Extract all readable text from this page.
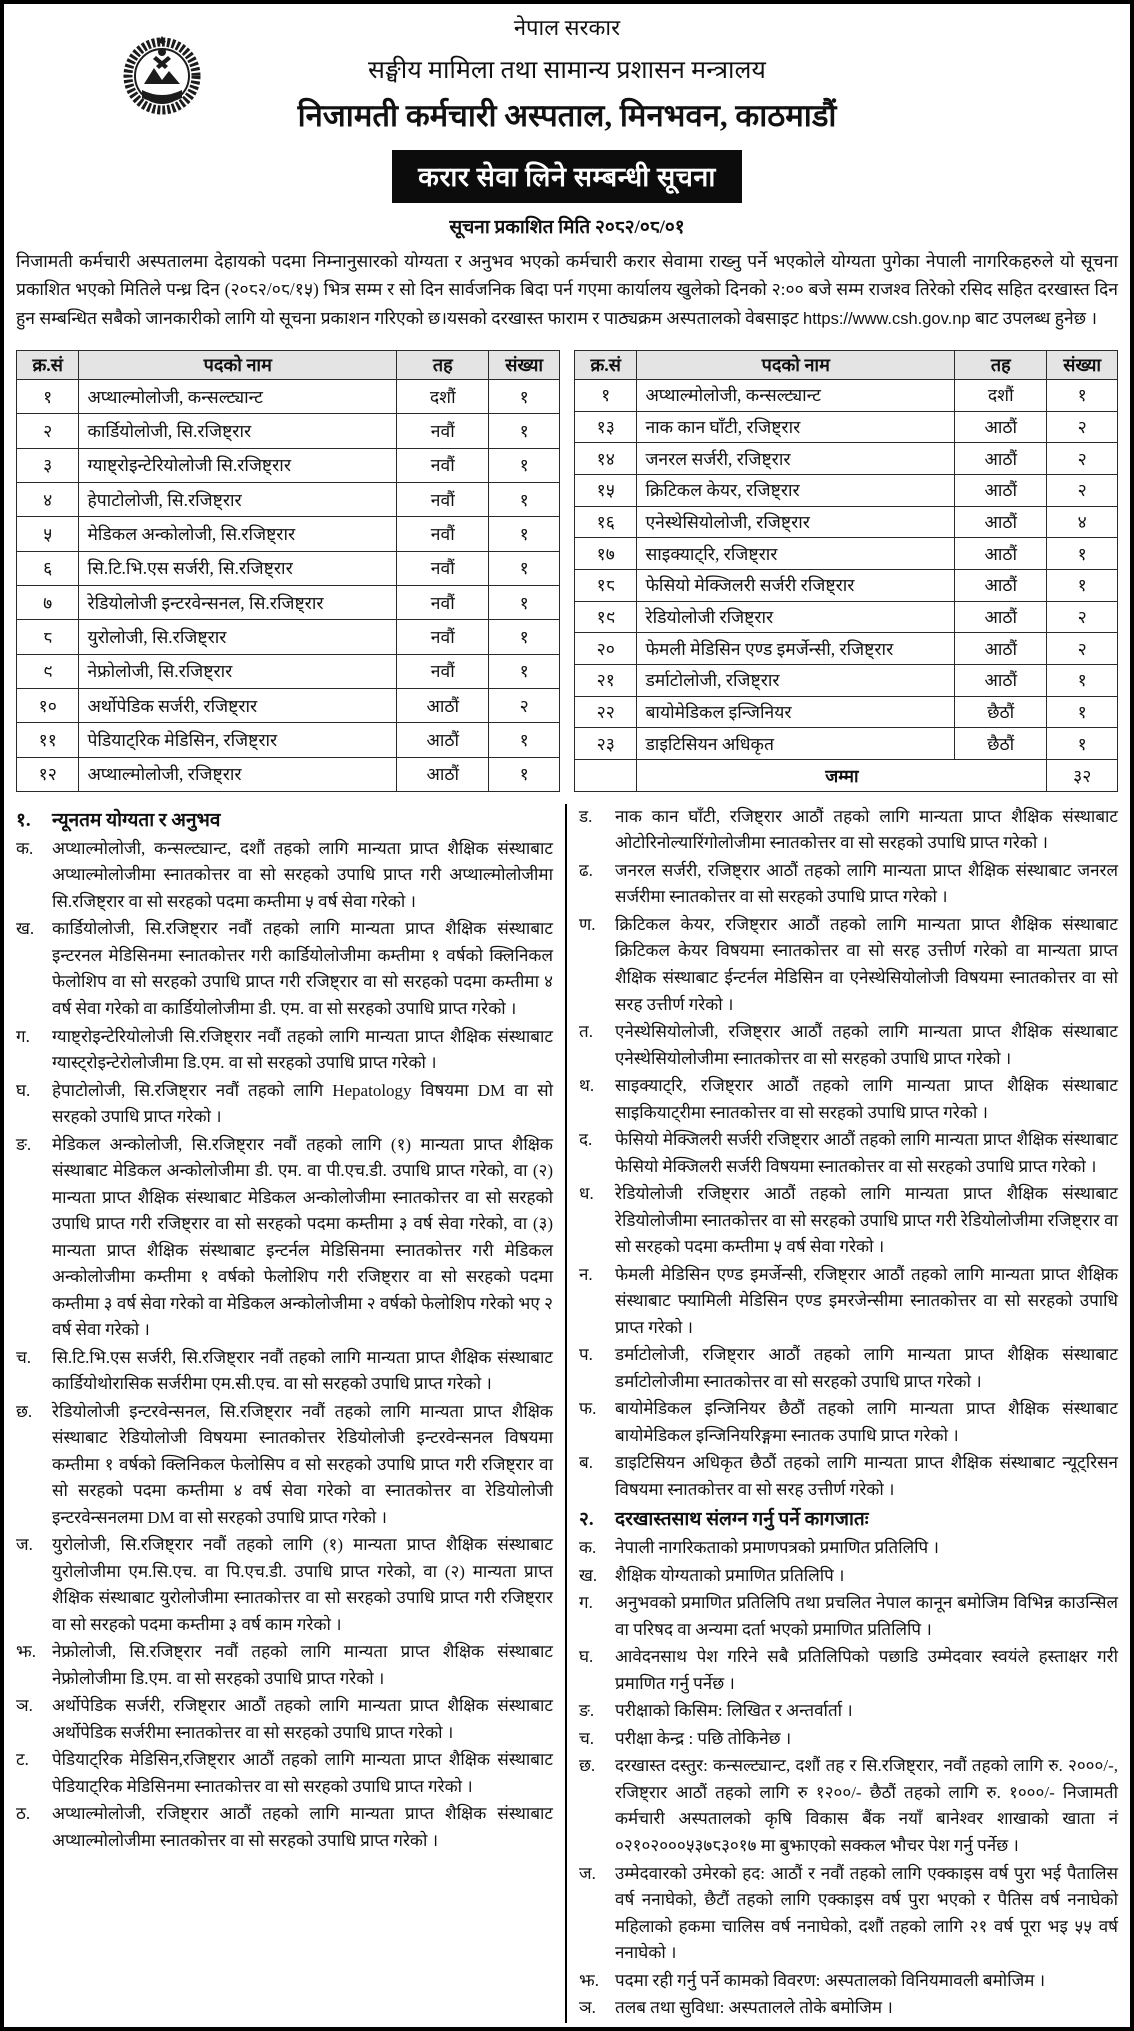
नेपाल सरकार
सङ्घीय मामिला तथा सामान्य प्रशासन मन्त्रालय
निजामती कर्मचारी अस्पताल, मिनभवन, काठमाडौं
करार सेवा लिने सम्बन्धी सूचना
सूचना प्रकाशित मिति २०८२/०८/०१

निजामती कर्मचारी अस्पतालमा देहायको पदमा निम्नानुसारको योग्यता र अनुभव भएको कर्मचारी करार सेवामा राख्नु पर्ने भएकोले योग्यता पुगेका नेपाली नागरिकहरुले यो सूचना प्रकाशित भएको मितिले पन्ध्र दिन (२०८२/०८/१५) भित्र सम्म र सो दिन सार्वजनिक बिदा पर्न गएमा कार्यालय खुलेको दिनको २:०० बजे सम्म राजश्व तिरेको रसिद सहित दरखास्त दिन हुन सम्बन्धित सबैको जानकारीको लागि यो सूचना प्रकाशन गरिएको छ।यसको दरखास्त फाराम र पाठ्यक्रम अस्पतालको वेबसाइट https://www.csh.gov.np बाट उपलब्ध हुनेछ ।

क्र.सं	पदको नाम	तह	संख्या
१	अप्थाल्मोलोजी, कन्सल्ट्यान्ट	दशौं	१
२	कार्डियोलोजी, सि.रजिष्ट्रार	नवौं	१
३	ग्याष्ट्रोइन्टेरियोलोजी सि.रजिष्ट्रार	नवौं	१
४	हेपाटोलोजी, सि.रजिष्ट्रार	नवौं	१
५	मेडिकल अन्कोलोजी, सि.रजिष्ट्रार	नवौं	१
६	सि.टि.भि.एस सर्जरी, सि.रजिष्ट्रार	नवौं	१
७	रेडियोलोजी इन्टरवेन्सनल, सि.रजिष्ट्रार	नवौं	१
८	युरोलोजी, सि.रजिष्ट्रार	नवौं	१
९	नेफ्रोलोजी, सि.रजिष्ट्रार	नवौं	१
१०	अर्थोपेडिक सर्जरी, रजिष्ट्रार	आठौं	२
११	पेडियाट्रिक मेडिसिन, रजिष्ट्रार	आठौं	१
१२	अप्थाल्मोलोजी, रजिष्ट्रार	आठौं	१
क्र.सं	पदको नाम	तह	संख्या
१	अप्थाल्मोलोजी, कन्सल्ट्यान्ट	दशौं	१
१३	नाक कान घाँटी, रजिष्ट्रार	आठौं	२
१४	जनरल सर्जरी, रजिष्ट्रार	आठौं	२
१५	क्रिटिकल केयर, रजिष्ट्रार	आठौं	२
१६	एनेस्थेसियोलोजी, रजिष्ट्रार	आठौं	४
१७	साइक्याट्रि, रजिष्ट्रार	आठौं	१
१८	फेसियो मेक्जिलरी सर्जरी रजिष्ट्रार	आठौं	१
१९	रेडियोलोजी रजिष्ट्रार	आठौं	२
२०	फेमली मेडिसिन एण्ड इमर्जेन्सी, रजिष्ट्रार	आठौं	२
२१	डर्माटोलोजी, रजिष्ट्रार	आठौं	१
२२	बायोमेडिकल इन्जिनियर	छैठौं	१
२३	डाइटिसियन अधिकृत	छैठौं	१
	जम्मा		३२
१.	न्यूनतम योग्यता र अनुभव
क.	अप्थाल्मोलोजी, कन्सल्ट्यान्ट, दशौं तहको लागि मान्यता प्राप्त शैक्षिक संस्थाबाट अप्थाल्मोलोजीमा स्नातकोत्तर वा सो सरहको उपाधि प्राप्त गरी अप्थाल्मोलोजीमा सि.रजिष्ट्रार वा सो सरहको पदमा कम्तीमा ५ वर्ष सेवा गरेको ।
ख.	कार्डियोलोजी, सि.रजिष्ट्रार नवौं तहको लागि मान्यता प्राप्त शैक्षिक संस्थाबाट इन्टरनल मेडिसिनमा स्नातकोत्तर गरी कार्डियोलोजीमा कम्तीमा १ वर्षको क्लिनिकल फेलोशिप वा सो सरहको उपाधि प्राप्त गरी रजिष्ट्रार वा सो सरहको पदमा कम्तीमा ४ वर्ष सेवा गरेको वा कार्डियोलोजीमा डी. एम. वा सो सरहको उपाधि प्राप्त गरेको ।
ग.	ग्याष्ट्रोइन्टेरियोलोजी सि.रजिष्ट्रार नवौं तहको लागि मान्यता प्राप्त शैक्षिक संस्थाबाट ग्यास्ट्रोइन्टेरोलोजीमा डि.एम. वा सो सरहको उपाधि प्राप्त गरेको ।
घ.	हेपाटोलोजी, सि.रजिष्ट्रार नवौं तहको लागि Hepatology विषयमा DM वा सो सरहको उपाधि प्राप्त गरेको ।
ङ.	मेडिकल अन्कोलोजी, सि.रजिष्ट्रार नवौं तहको लागि (१) मान्यता प्राप्त शैक्षिक संस्थाबाट मेडिकल अन्कोलोजीमा डी. एम. वा पी.एच.डी. उपाधि प्राप्त गरेको, वा (२) मान्यता प्राप्त शैक्षिक संस्थाबाट मेडिकल अन्कोलोजीमा स्नातकोत्तर वा सो सरहको उपाधि प्राप्त गरी रजिष्ट्रार वा सो सरहको पदमा कम्तीमा ३ वर्ष सेवा गरेको, वा (३) मान्यता प्राप्त शैक्षिक संस्थाबाट इन्टर्नल मेडिसिनमा स्नातकोत्तर गरी मेडिकल अन्कोलोजीमा कम्तीमा १ वर्षको फेलोशिप गरी रजिष्ट्रार वा सो सरहको पदमा कम्तीमा ३ वर्ष सेवा गरेको वा मेडिकल अन्कोलोजीमा २ वर्षको फेलोशिप गरेको भए २ वर्ष सेवा गरेको ।
च.	सि.टि.भि.एस सर्जरी, सि.रजिष्ट्रार नवौं तहको लागि मान्यता प्राप्त शैक्षिक संस्थाबाट कार्डियोथोरासिक सर्जरीमा एम.सी.एच. वा सो सरहको उपाधि प्राप्त गरेको ।
छ.	रेडियोलोजी इन्टरवेन्सनल, सि.रजिष्ट्रार नवौं तहको लागि मान्यता प्राप्त शैक्षिक संस्थाबाट रेडियोलोजी विषयमा स्नातकोत्तर रेडियोलोजी इन्टरवेन्सनल विषयमा कम्तीमा १ वर्षको क्लिनिकल फेलोसिप व सो सरहको उपाधि प्राप्त गरी रजिष्ट्रार वा सो सरहको पदमा कम्तीमा ४ वर्ष सेवा गरेको वा स्नातकोत्तर वा रेडियोलोजी इन्टरवेन्सनलमा DM वा सो सरहको उपाधि प्राप्त गरेको ।
ज.	युरोलोजी, सि.रजिष्ट्रार नवौं तहको लागि (१) मान्यता प्राप्त शैक्षिक संस्थाबाट युरोलोजीमा एम.सि.एच. वा पि.एच.डी. उपाधि प्राप्त गरेको, वा (२) मान्यता प्राप्त शैक्षिक संस्थाबाट युरोलोजीमा स्नातकोत्तर वा सो सरहको उपाधि प्राप्त गरी रजिष्ट्रार वा सो सरहको पदमा कम्तीमा ३ वर्ष काम गरेको ।
झ. नेफ्रोलोजी, सि.रजिष्ट्रार नवौं तहको लागि मान्यता प्राप्त शैक्षिक संस्थाबाट नेफ्रोलोजीमा डि.एम. वा सो सरहको उपाधि प्राप्त गरेको ।
ञ.	अर्थोपेडिक सर्जरी, रजिष्ट्रार आठौं तहको लागि मान्यता प्राप्त शैक्षिक संस्थाबाट अर्थोपेडिक सर्जरीमा स्नातकोत्तर वा सो सरहको उपाधि प्राप्त गरेको ।
ट.	पेडियाट्रिक मेडिसिन,रजिष्ट्रार आठौं तहको लागि मान्यता प्राप्त शैक्षिक संस्थाबाट पेडियाट्रिक मेडिसिनमा स्नातकोत्तर वा सो सरहको उपाधि प्राप्त गरेको ।
ठ.	अप्थाल्मोलोजी, रजिष्ट्रार आठौं तहको लागि मान्यता प्राप्त शैक्षिक संस्थाबाट अप्थाल्मोलोजीमा स्नातकोत्तर वा सो सरहको उपाधि प्राप्त गरेको ।
ड.	नाक कान घाँटी, रजिष्ट्रार आठौं तहको लागि मान्यता प्राप्त शैक्षिक संस्थाबाट ओटोरिनोल्यारिंगोलोजीमा स्नातकोत्तर वा सो सरहको उपाधि प्राप्त गरेको ।
ढ.	जनरल सर्जरी, रजिष्ट्रार आठौं तहको लागि मान्यता प्राप्त शैक्षिक संस्थाबाट जनरल सर्जरीमा स्नातकोत्तर वा सो सरहको उपाधि प्राप्त गरेको ।
ण.	क्रिटिकल केयर, रजिष्ट्रार आठौं तहको लागि मान्यता प्राप्त शैक्षिक संस्थाबाट क्रिटिकल केयर विषयमा स्नातकोत्तर वा सो सरह उत्तीर्ण गरेको वा मान्यता प्राप्त शैक्षिक संस्थाबाट ईन्टर्नल मेडिसिन वा एनेस्थेसियोलोजी विषयमा स्नातकोत्तर वा सो सरह उत्तीर्ण गरेको ।
त.	एनेस्थेसियोलोजी, रजिष्ट्रार आठौं तहको लागि मान्यता प्राप्त शैक्षिक संस्थाबाट एनेस्थेसियोलोजीमा स्नातकोत्तर वा सो सरहको उपाधि प्राप्त गरेको ।
थ.	साइक्याट्रि, रजिष्ट्रार आठौं तहको लागि मान्यता प्राप्त शैक्षिक संस्थाबाट साइकियाट्रीमा स्नातकोत्तर वा सो सरहको उपाधि प्राप्त गरेको ।
द.	फेसियो मेक्जिलरी सर्जरी रजिष्ट्रार आठौं तहको लागि मान्यता प्राप्त शैक्षिक संस्थाबाट फेसियो मेक्जिलरी सर्जरी विषयमा स्नातकोत्तर वा सो सरहको उपाधि प्राप्त गरेको ।
ध.	रेडियोलोजी रजिष्ट्रार आठौं तहको लागि मान्यता प्राप्त शैक्षिक संस्थाबाट रेडियोलोजीमा स्नातकोत्तर वा सो सरहको उपाधि प्राप्त गरी रेडियोलोजीमा रजिष्ट्रार वा सो सरहको पदमा कम्तीमा ५ वर्ष सेवा गरेको ।
न.	फेमली मेडिसिन एण्ड इमर्जेन्सी, रजिष्ट्रार आठौं तहको लागि मान्यता प्राप्त शैक्षिक संस्थाबाट फ्यामिली मेडिसिन एण्ड इमरजेन्सीमा स्नातकोत्तर वा सो सरहको उपाधि प्राप्त गरेको ।
प.	डर्माटोलोजी, रजिष्ट्रार आठौं तहको लागि मान्यता प्राप्त शैक्षिक संस्थाबाट डर्माटोलोजीमा स्नातकोत्तर वा सो सरहको उपाधि प्राप्त गरेको ।
फ.	बायोमेडिकल इन्जिनियर छैठौं तहको लागि मान्यता प्राप्त शैक्षिक संस्थाबाट बायोमेडिकल इन्जिनियरिङ्गमा स्नातक उपाधि प्राप्त गरेको ।
ब.	डाइटिसियन अधिकृत छैठौं तहको लागि मान्यता प्राप्त शैक्षिक संस्थाबाट न्यूट्रिसन विषयमा स्नातकोत्तर वा सो सरह उत्तीर्ण गरेको ।
२.	दरखास्तसाथ संलग्न गर्नु पर्ने कागजातः
क.	नेपाली नागरिकताको प्रमाणपत्रको प्रमाणित प्रतिलिपि ।
ख.	शैक्षिक योग्यताको प्रमाणित प्रतिलिपि ।
ग.	अनुभवको प्रमाणित प्रतिलिपि तथा प्रचलित नेपाल कानून बमोजिम विभिन्न काउन्सिल वा परिषद वा अन्यमा दर्ता भएको प्रमाणित प्रतिलिपि ।
घ.	आवेदनसाथ पेश गरिने सबै प्रतिलिपिको पछाडि उम्मेदवार स्वयंले हस्ताक्षर गरी प्रमाणित गर्नु पर्नेछ ।
ङ.	परीक्षाको किसिम: लिखित र अन्तर्वार्ता ।
च.	परीक्षा केन्द्र : पछि तोकिनेछ ।
छ.	दरखास्त दस्तुर: कन्सल्ट्यान्ट, दशौं तह र सि.रजिष्ट्रार, नवौं तहको लागि रु. २०००/-, रजिष्ट्रार आठौं तहको लागि रु १२००/- छैठौं तहको लागि रु. १०००/- निजामती कर्मचारी अस्पतालको कृषि विकास बैंक नयाँ बानेश्वर शाखाको खाता नं ०२१०२०००५३७८३०१७ मा बुझाएको सक्कल भौचर पेश गर्नु पर्नेछ ।
ज.	उम्मेदवारको उमेरको हद: आठौं र नवौं तहको लागि एक्काइस वर्ष पुरा भई पैतालिस वर्ष ननाघेको, छैटौं तहको लागि एक्काइस वर्ष पुरा भएको र पैतिस वर्ष ननाघेको महिलाको हकमा चालिस वर्ष ननाघेको, दशौं तहको लागि २१ वर्ष पूरा भइ ५५ वर्ष ननाघेको ।
झ. पदमा रही गर्नु पर्ने कामको विवरण: अस्पतालको विनियमावली बमोजिम ।
ञ.	तलब तथा सुविधा: अस्पतालले तोके बमोजिम ।
